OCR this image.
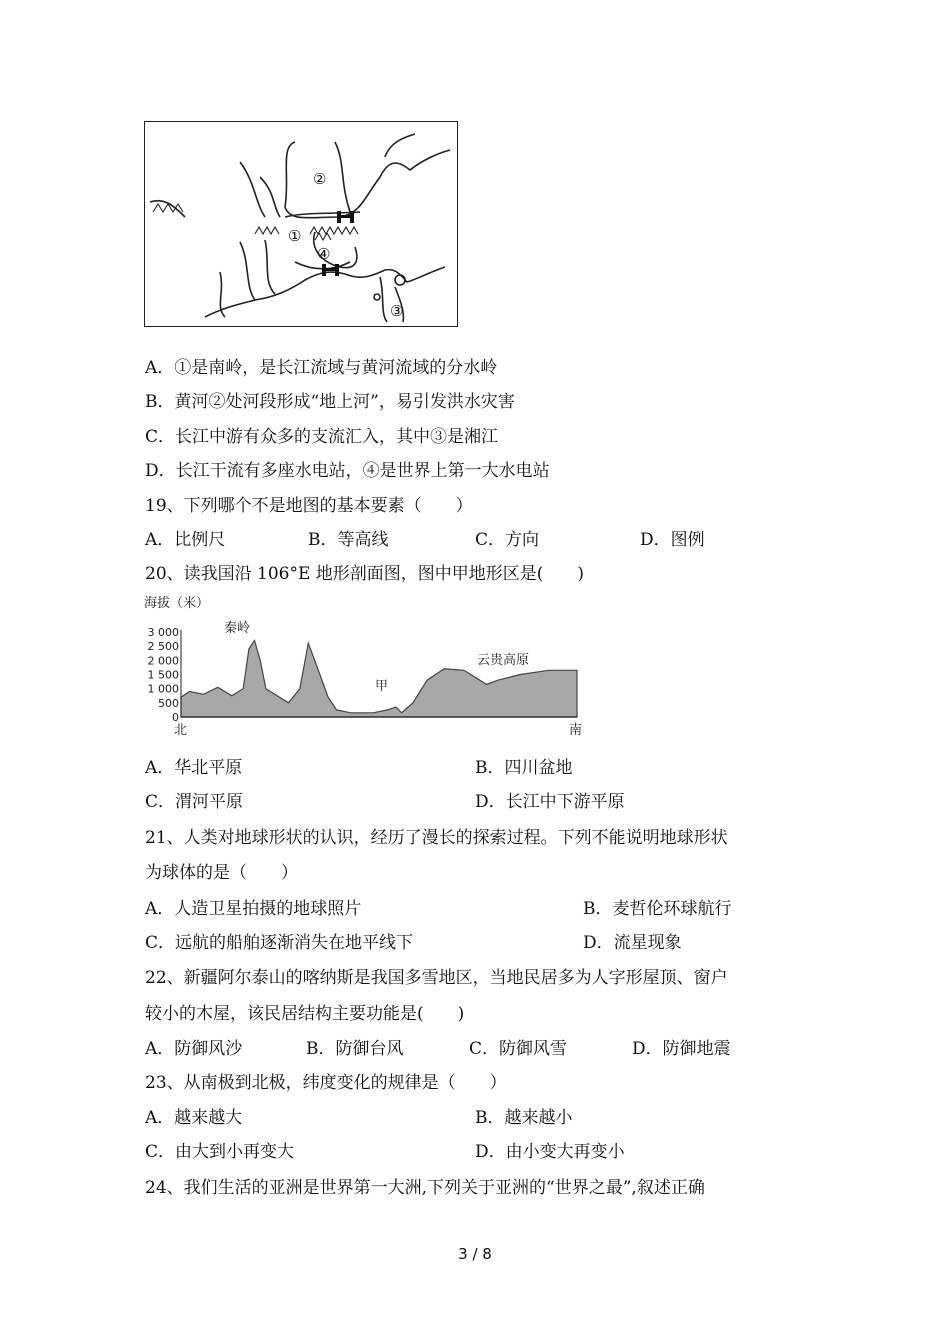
②
①
④
③
A．①是南岭，是长江流域与黄河流域的分水岭
B．黄河②处河段形成“地上河”，易引发洪水灾害
C．长江中游有众多的支流汇入，其中③是湘江
D．长江干流有多座水电站，④是世界上第一大水电站
19、下列哪个不是地图的基本要素（　　）
A．比例尺	B．等高线	C．方向	D．图例
20、读我国沿 106°E 地形剖面图，图中甲地形区是(　　)
海拔（米）
3 000
2 500
2 000
1 500
1 000
500
0
北	南
秦岭
甲
云贵高原
A．华北平原	B．四川盆地
C．渭河平原	D．长江中下游平原
21、人类对地球形状的认识，经历了漫长的探索过程。下列不能说明地球形状
为球体的是（　　）
A．人造卫星拍摄的地球照片	B．麦哲伦环球航行
C．远航的船舶逐渐消失在地平线下	D．流星现象
22、新疆阿尔泰山的喀纳斯是我国多雪地区，当地民居多为人字形屋顶、窗户
较小的木屋，该民居结构主要功能是(　　)
A．防御风沙	B．防御台风	C．防御风雪	D．防御地震
23、从南极到北极，纬度变化的规律是（　　）
A．越来越大	B．越来越小
C．由大到小再变大	D．由小变大再变小
24、我们生活的亚洲是世界第一大洲,下列关于亚洲的“世界之最”,叙述正确
3 / 8
